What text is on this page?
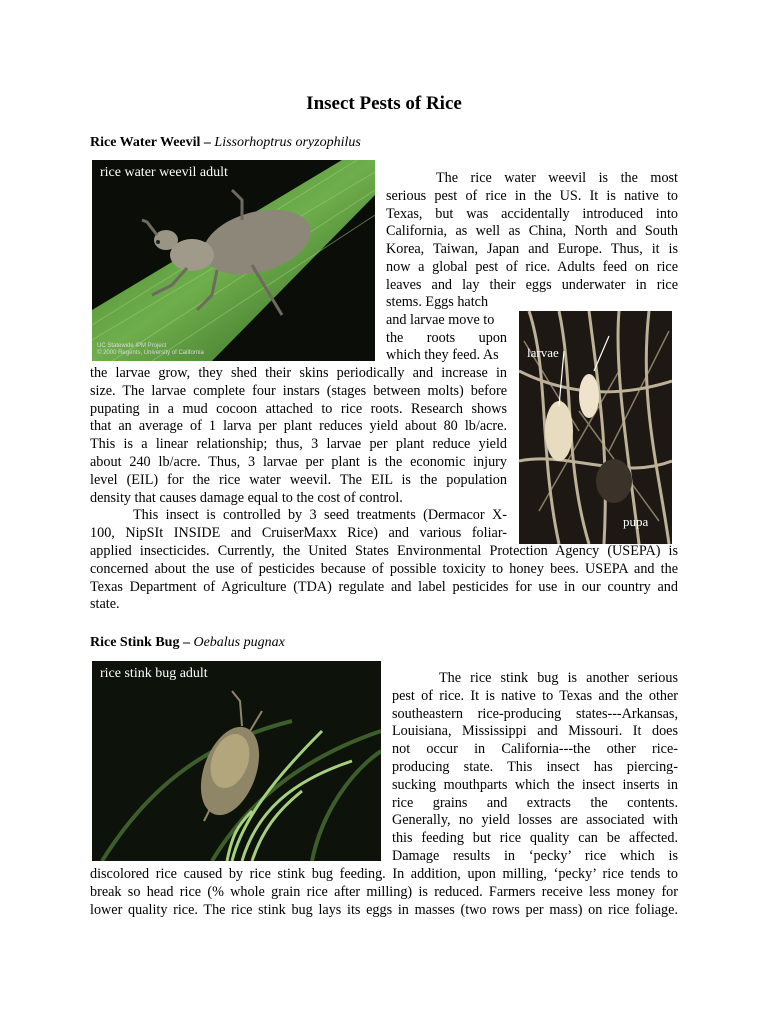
Insect Pests of Rice
Rice Water Weevil – Lissorhoptrus oryzophilus
rice water weevil adult
UC Statewide IPM Project
© 2000 Regents, University of California	larvae
pupa
The rice water weevil is the most
serious pest of rice in the US. It is native to
Texas, but was accidentally introduced into
California, as well as China, North and South
Korea, Taiwan, Japan and Europe. Thus, it is
now a global pest of rice. Adults feed on rice
leaves and lay their eggs underwater in rice
stems. Eggs hatch
and larvae move to
the roots upon
which they feed. As
the larvae grow, they shed their skins periodically and increase in
size. The larvae complete four instars (stages between molts) before
pupating in a mud cocoon attached to rice roots. Research shows
that an average of 1 larva per plant reduces yield about 80 lb/acre.
This is a linear relationship; thus, 3 larvae per plant reduce yield
about 240 lb/acre. Thus, 3 larvae per plant is the economic injury
level (EIL) for the rice water weevil. The EIL is the population
density that causes damage equal to the cost of control.
This insect is controlled by 3 seed treatments (Dermacor X-
100, NipSIt INSIDE and CruiserMaxx Rice) and various foliar-
applied insecticides. Currently, the United States Environmental Protection Agency (USEPA) is
concerned about the use of pesticides because of possible toxicity to honey bees. USEPA and the
Texas Department of Agriculture (TDA) regulate and label pesticides for use in our country and
state.
Rice Stink Bug – Oebalus pugnax
rice stink bug adult	The rice stink bug is another serious
pest of rice. It is native to Texas and the other
southeastern rice-producing states---Arkansas,
Louisiana, Mississippi and Missouri. It does
not occur in California---the other rice-
producing state. This insect has piercing-
sucking mouthparts which the insect inserts in
rice grains and extracts the contents.
Generally, no yield losses are associated with
this feeding but rice quality can be affected.
Damage results in ‘pecky’ rice which is
discolored rice caused by rice stink bug feeding. In addition, upon milling, ‘pecky’ rice tends to
break so head rice (% whole grain rice after milling) is reduced. Farmers receive less money for
lower quality rice. The rice stink bug lays its eggs in masses (two rows per mass) on rice foliage.
